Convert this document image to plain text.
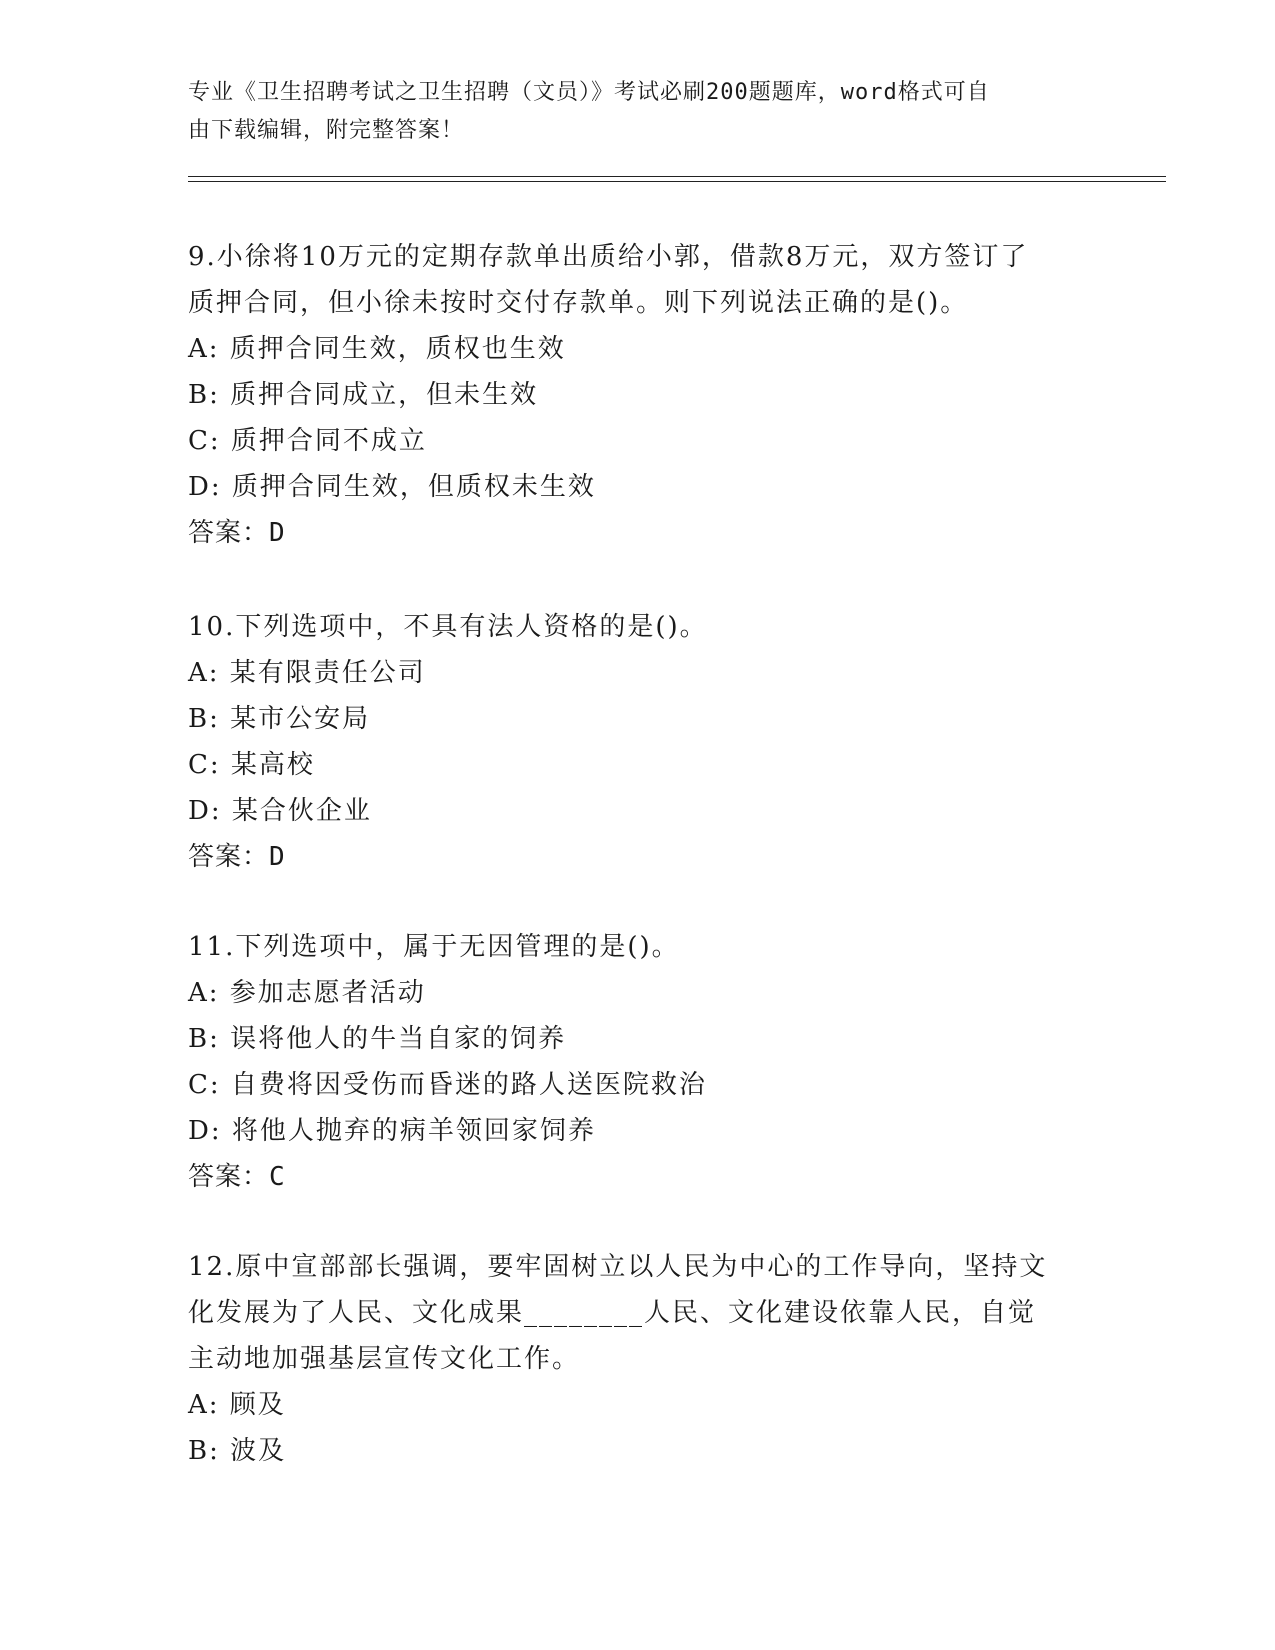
专业《卫生招聘考试之卫生招聘（文员）》考试必刷200题题库，word格式可自
由下载编辑，附完整答案！

9.小徐将10万元的定期存款单出质给小郭，借款8万元，双方签订了

质押合同，但小徐未按时交付存款单。则下列说法正确的是()。

A: 质押合同生效，质权也生效

B: 质押合同成立，但未生效

C: 质押合同不成立

D: 质押合同生效，但质权未生效

答案：D

10.下列选项中，不具有法人资格的是()。

A: 某有限责任公司

B: 某市公安局

C: 某高校

D: 某合伙企业

答案：D

11.下列选项中，属于无因管理的是()。

A: 参加志愿者活动

B: 误将他人的牛当自家的饲养

C: 自费将因受伤而昏迷的路人送医院救治

D: 将他人抛弃的病羊领回家饲养

答案：C

12.原中宣部部长强调，要牢固树立以人民为中心的工作导向，坚持文

化发展为了人民、文化成果________人民、文化建设依靠人民，自觉

主动地加强基层宣传文化工作。

A: 顾及

B: 波及
